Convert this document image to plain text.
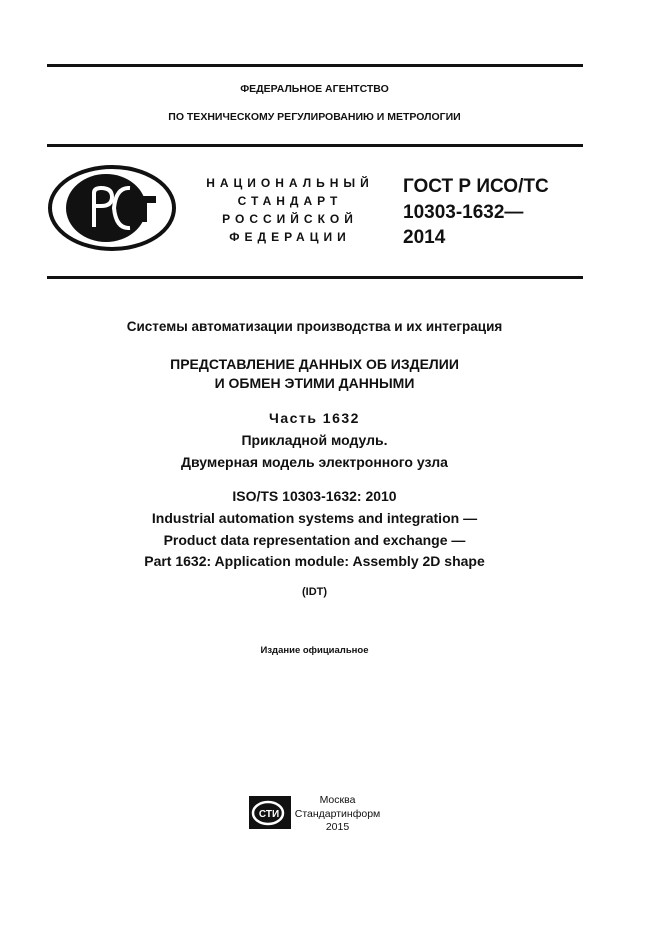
ФЕДЕРАЛЬНОЕ АГЕНТСТВО
ПО ТЕХНИЧЕСКОМУ РЕГУЛИРОВАНИЮ И МЕТРОЛОГИИ
НАЦИОНАЛЬНЫЙ
СТАНДАРТ
РОССИЙСКОЙ
ФЕДЕРАЦИИ
ГОСТ Р ИСО/ТС
10303-1632—
2014
Системы автоматизации производства и их интеграция
ПРЕДСТАВЛЕНИЕ ДАННЫХ ОБ ИЗДЕЛИИ
И ОБМЕН ЭТИМИ ДАННЫМИ
Часть 1632
Прикладной модуль.
Двумерная модель электронного узла
ISO/TS 10303-1632: 2010
Industrial automation systems and integration —
Product data representation and exchange —
Part 1632: Application module: Assembly 2D shape
(IDT)
Издание официальное
СТИ
Москва
Стандартинформ
2015
